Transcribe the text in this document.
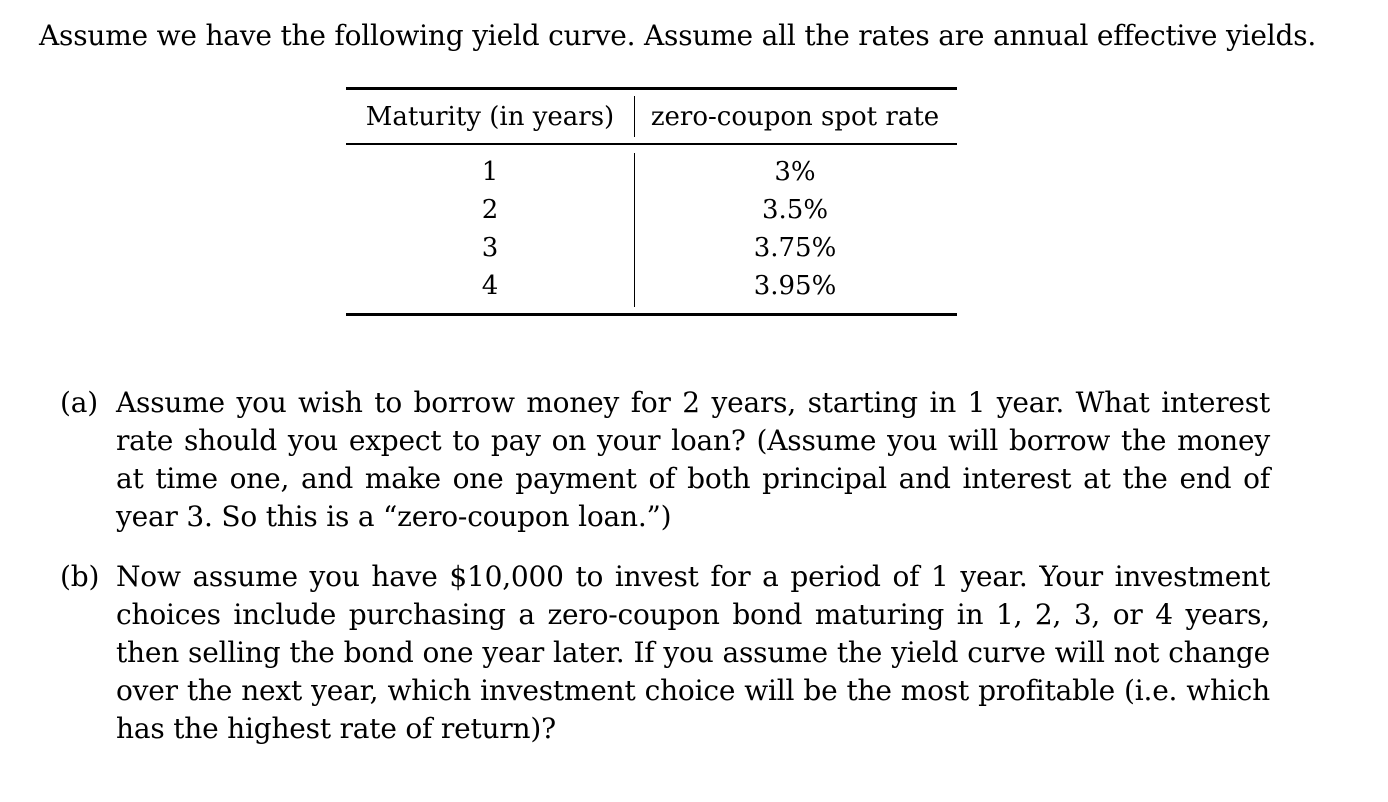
Assume we have the following yield curve. Assume all the rates are annual effective yields.

Maturity (in years)	zero-coupon spot rate
1	3%
2	3.5%
3	3.75%
4	3.95%
(a) Assume you wish to borrow money for 2 years, starting in 1 year. What interest rate should you expect to pay on your loan? (Assume you will borrow the money at time one, and make one payment of both principal and interest at the end of year 3. So this is a “zero-coupon loan.”)
(b) Now assume you have $10,000 to invest for a period of 1 year. Your investment choices include purchasing a zero-coupon bond maturing in 1, 2, 3, or 4 years, then selling the bond one year later. If you assume the yield curve will not change over the next year, which investment choice will be the most profitable (i.e. which has the highest rate of return)?
